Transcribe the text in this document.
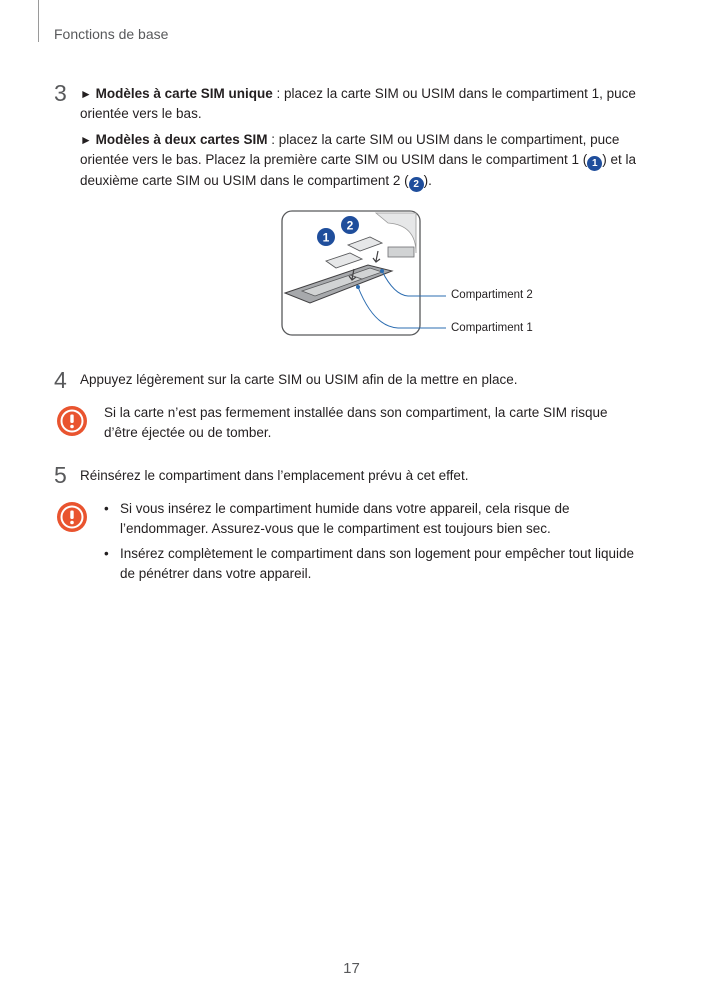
Fonctions de base
3 ► Modèles à carte SIM unique : placez la carte SIM ou USIM dans le compartiment 1, puce orientée vers le bas.
► Modèles à deux cartes SIM : placez la carte SIM ou USIM dans le compartiment, puce orientée vers le bas. Placez la première carte SIM ou USIM dans le compartiment 1 ( 1 ) et la deuxième carte SIM ou USIM dans le compartiment 2 ( 2 ).
1
2
Compartiment 2
Compartiment 1
4 Appuyez légèrement sur la carte SIM ou USIM afin de la mettre en place.
Si la carte n’est pas fermement installée dans son compartiment, la carte SIM risque d’être éjectée ou de tomber.
5 Réinsérez le compartiment dans l’emplacement prévu à cet effet.
• Si vous insérez le compartiment humide dans votre appareil, cela risque de l’endommager. Assurez-vous que le compartiment est toujours bien sec.
• Insérez complètement le compartiment dans son logement pour empêcher tout liquide de pénétrer dans votre appareil.
17
